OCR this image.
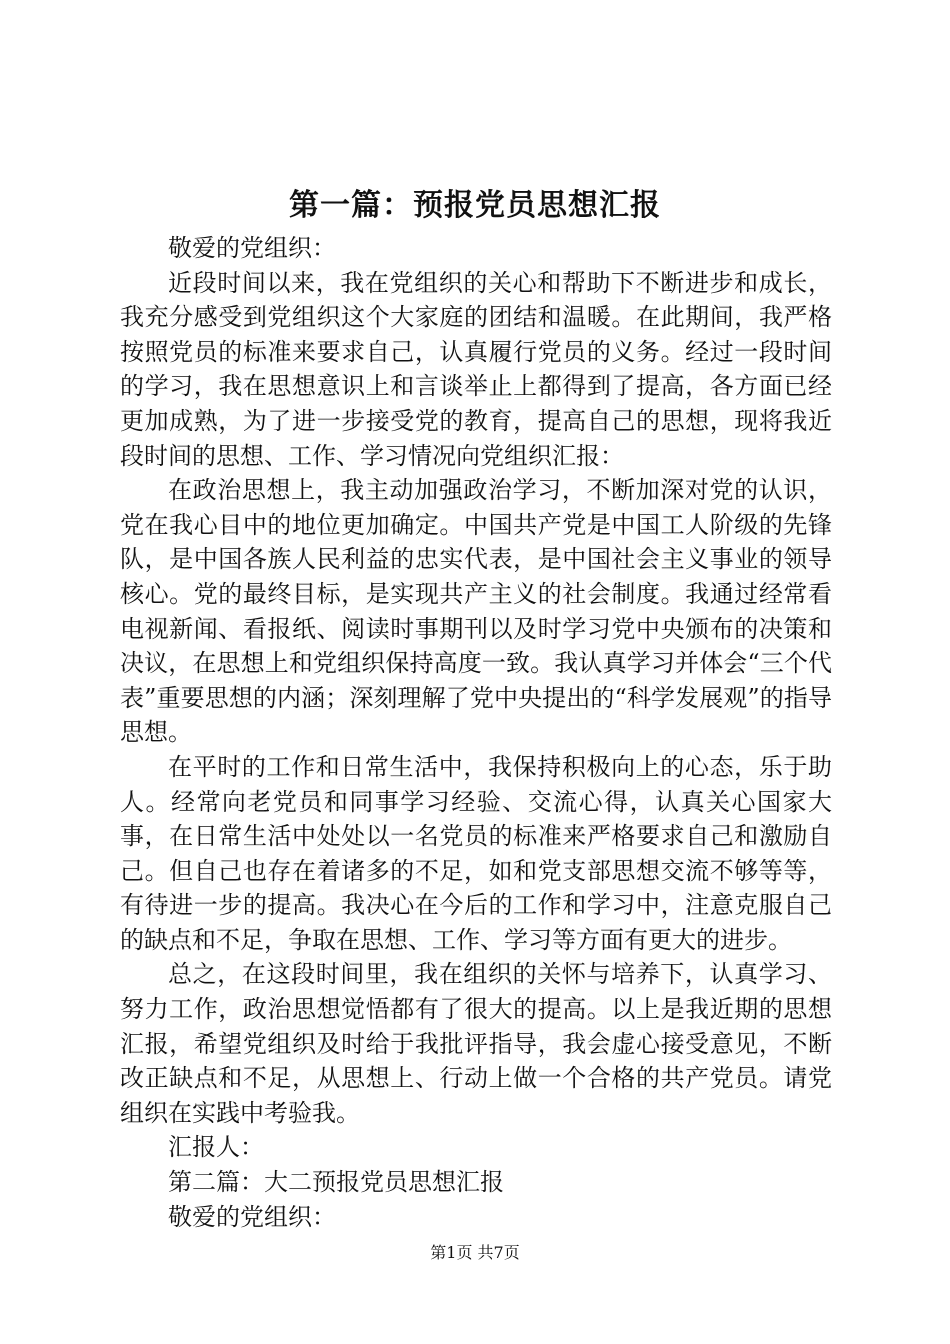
第一篇：预报党员思想汇报

敬爱的党组织：

近段时间以来，我在党组织的关心和帮助下不断进步和成长，我充分感受到党组织这个大家庭的团结和温暖。在此期间，我严格按照党员的标准来要求自己，认真履行党员的义务。经过一段时间的学习，我在思想意识上和言谈举止上都得到了提高，各方面已经更加成熟，为了进一步接受党的教育，提高自己的思想，现将我近段时间的思想、工作、学习情况向党组织汇报：

在政治思想上，我主动加强政治学习，不断加深对党的认识，党在我心目中的地位更加确定。中国共产党是中国工人阶级的先锋队，是中国各族人民利益的忠实代表，是中国社会主义事业的领导核心。党的最终目标，是实现共产主义的社会制度。我通过经常看电视新闻、看报纸、阅读时事期刊以及时学习党中央颁布的决策和决议，在思想上和党组织保持高度一致。我认真学习并体会“三个代表”重要思想的内涵；深刻理解了党中央提出的“科学发展观”的指导思想。

在平时的工作和日常生活中，我保持积极向上的心态，乐于助人。经常向老党员和同事学习经验、交流心得，认真关心国家大事，在日常生活中处处以一名党员的标准来严格要求自己和激励自己。但自己也存在着诸多的不足，如和党支部思想交流不够等等，有待进一步的提高。我决心在今后的工作和学习中，注意克服自己的缺点和不足，争取在思想、工作、学习等方面有更大的进步。

总之，在这段时间里，我在组织的关怀与培养下，认真学习、努力工作，政治思想觉悟都有了很大的提高。以上是我近期的思想汇报，希望党组织及时给于我批评指导，我会虚心接受意见，不断改正缺点和不足，从思想上、行动上做一个合格的共产党员。请党组织在实践中考验我。

汇报人：

第二篇：大二预报党员思想汇报

敬爱的党组织：

第1页 共7页
